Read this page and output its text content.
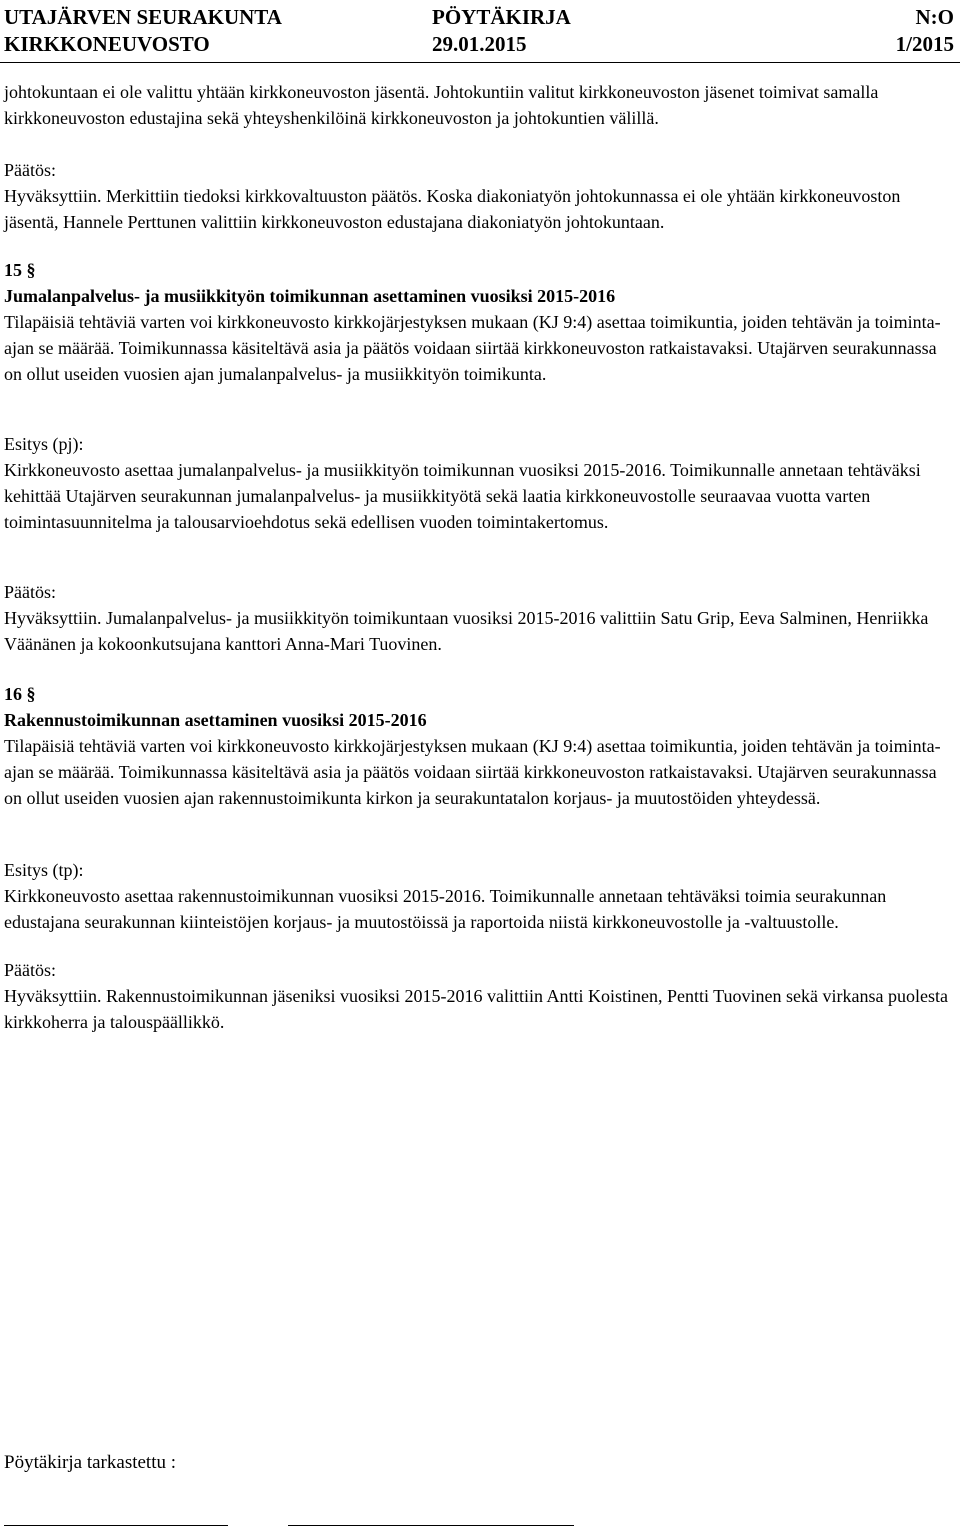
UTAJÄRVEN SEURAKUNTA	PÖYTÄKIRJA	N:O
KIRKKONEUVOSTO	29.01.2015	1/2015

johtokuntaan ei ole valittu yhtään kirkkoneuvoston jäsentä. Johtokuntiin valitut kirkkoneuvoston jäsenet toimivat samalla kirkkoneuvoston edustajina sekä yhteyshenkilöinä kirkkoneuvoston ja johtokuntien välillä.

Päätös:

Hyväksyttiin. Merkittiin tiedoksi kirkkovaltuuston päätös. Koska diakoniatyön johtokunnassa ei ole yhtään kirkkoneuvoston jäsentä, Hannele Perttunen valittiin kirkkoneuvoston edustajana diakoniatyön johtokuntaan.

15 §

Jumalanpalvelus- ja musiikkityön toimikunnan asettaminen vuosiksi 2015-2016

Tilapäisiä tehtäviä varten voi kirkkoneuvosto kirkkojärjestyksen mukaan (KJ 9:4) asettaa toimikuntia, joiden tehtävän ja toiminta-ajan se määrää. Toimikunnassa käsiteltävä asia ja päätös voidaan siirtää kirkkoneuvoston ratkaistavaksi. Utajärven seurakunnassa on ollut useiden vuosien ajan jumalanpalvelus- ja musiikkityön toimikunta.

Esitys (pj):

Kirkkoneuvosto asettaa jumalanpalvelus- ja musiikkityön toimikunnan vuosiksi 2015-2016. Toimikunnalle annetaan tehtäväksi kehittää Utajärven seurakunnan jumalanpalvelus- ja musiikkityötä sekä laatia kirkkoneuvostolle seuraavaa vuotta varten toimintasuunnitelma ja talousarvioehdotus sekä edellisen vuoden toimintakertomus.

Päätös:

Hyväksyttiin. Jumalanpalvelus- ja musiikkityön toimikuntaan vuosiksi 2015-2016 valittiin Satu Grip, Eeva Salminen, Henriikka Väänänen ja kokoonkutsujana kanttori Anna-Mari Tuovinen.

16 §

Rakennustoimikunnan asettaminen vuosiksi 2015-2016

Tilapäisiä tehtäviä varten voi kirkkoneuvosto kirkkojärjestyksen mukaan (KJ 9:4) asettaa toimikuntia, joiden tehtävän ja toiminta-ajan se määrää. Toimikunnassa käsiteltävä asia ja päätös voidaan siirtää kirkkoneuvoston ratkaistavaksi. Utajärven seurakunnassa on ollut useiden vuosien ajan rakennustoimikunta kirkon ja seurakuntatalon korjaus- ja muutostöiden yhteydessä.

Esitys (tp):

Kirkkoneuvosto asettaa rakennustoimikunnan vuosiksi 2015-2016. Toimikunnalle annetaan tehtäväksi toimia seurakunnan edustajana seurakunnan kiinteistöjen korjaus- ja muutostöissä ja raportoida niistä kirkkoneuvostolle ja -valtuustolle.

Päätös:

Hyväksyttiin. Rakennustoimikunnan jäseniksi vuosiksi 2015-2016 valittiin Antti Koistinen, Pentti Tuovinen sekä virkansa puolesta kirkkoherra ja talouspäällikkö.

Pöytäkirja tarkastettu :
